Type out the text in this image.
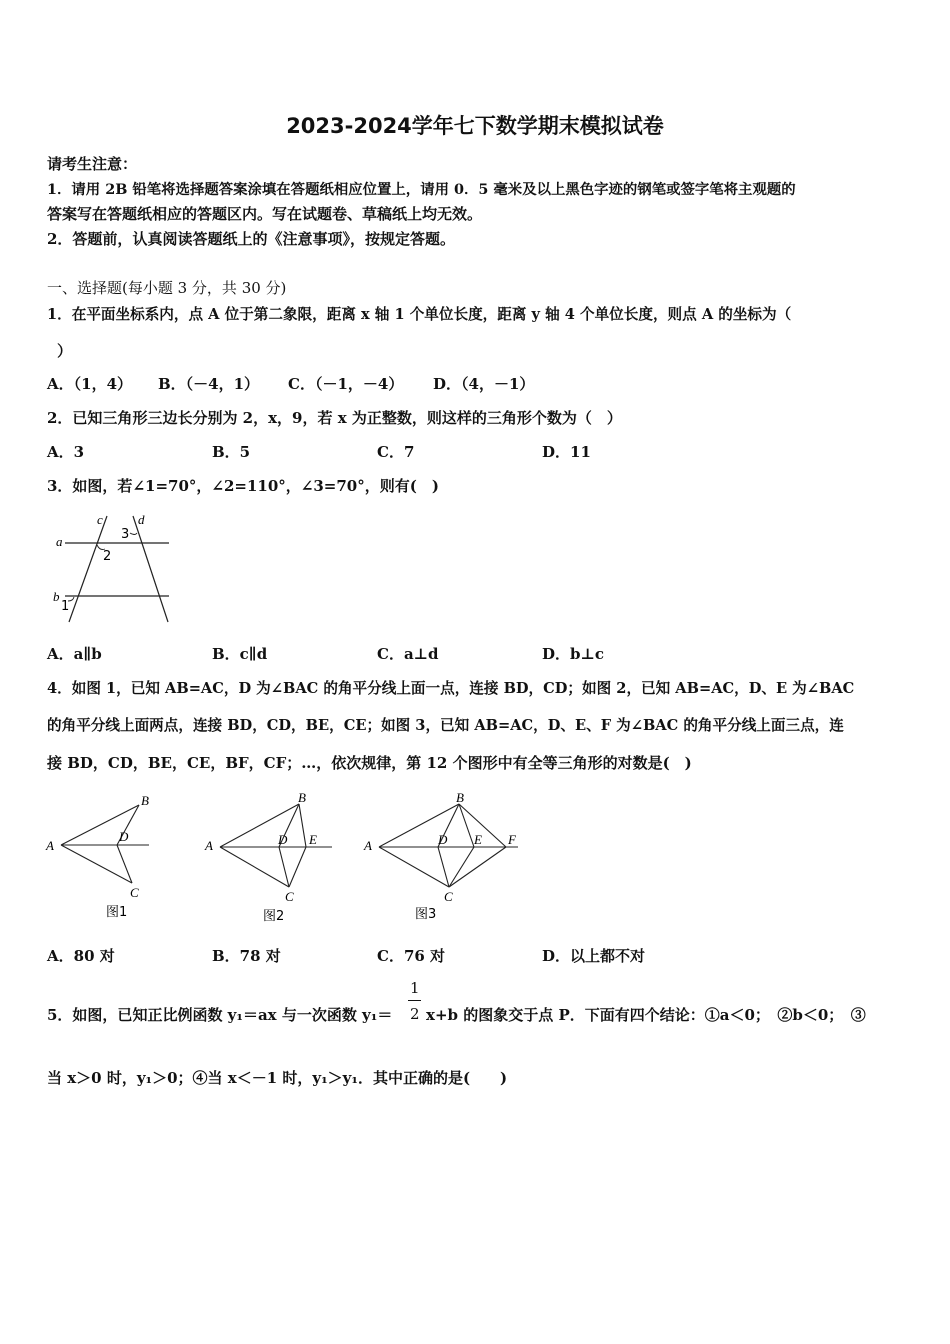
2023-2024学年七下数学期末模拟试卷
请考生注意：
1．请用 2B 铅笔将选择题答案涂填在答题纸相应位置上，请用 0．5 毫米及以上黑色字迹的钢笔或签字笔将主观题的
答案写在答题纸相应的答题区内。写在试题卷、草稿纸上均无效。
2．答题前，认真阅读答题纸上的《注意事项》，按规定答题。
一、选择题(每小题 3 分，共 30 分)
1．在平面坐标系内，点 A 位于第二象限，距离 x 轴 1 个单位长度，距离 y 轴 4 个单位长度，则点 A 的坐标为（
）
A．（1，4） B．（－4，1） C．（－1，－4） D．（4，－1）
2．已知三角形三边长分别为 2，x，9，若 x 为正整数，则这样的三角形个数为（　）
A．3	B．5	C．7	D．11
3．如图，若∠1=70°，∠2=110°，∠3=70°，则有(　)
a
b
c	d
1
2
3
A．a∥b	B．c∥d	C．a⊥d	D．b⊥c
4．如图 1，已知 AB=AC，D 为∠BAC 的角平分线上面一点，连接 BD，CD；如图 2，已知 AB=AC，D、E 为∠BAC
的角平分线上面两点，连接 BD，CD，BE，CE；如图 3，已知 AB=AC，D、E、F 为∠BAC 的角平分线上面三点，连
接 BD，CD，BE，CE，BF，CF；…，依次规律，第 12 个图形中有全等三角形的对数是(　)
A
B
C
D
图1
A
B
C
D E
图2
A
B
C
D E F
图3
A．80 对	B．78 对	C．76 对	D．以上都不对
5．如图，已知正比例函数 y₁＝ax 与一次函数 y₁＝
1
2 x+b 的图象交于点 P．下面有四个结论：①a＜0；　②b＜0；　③
当 x＞0 时，y₁＞0；④当 x＜－1 时，y₁＞y₁．其中正确的是(　　)
